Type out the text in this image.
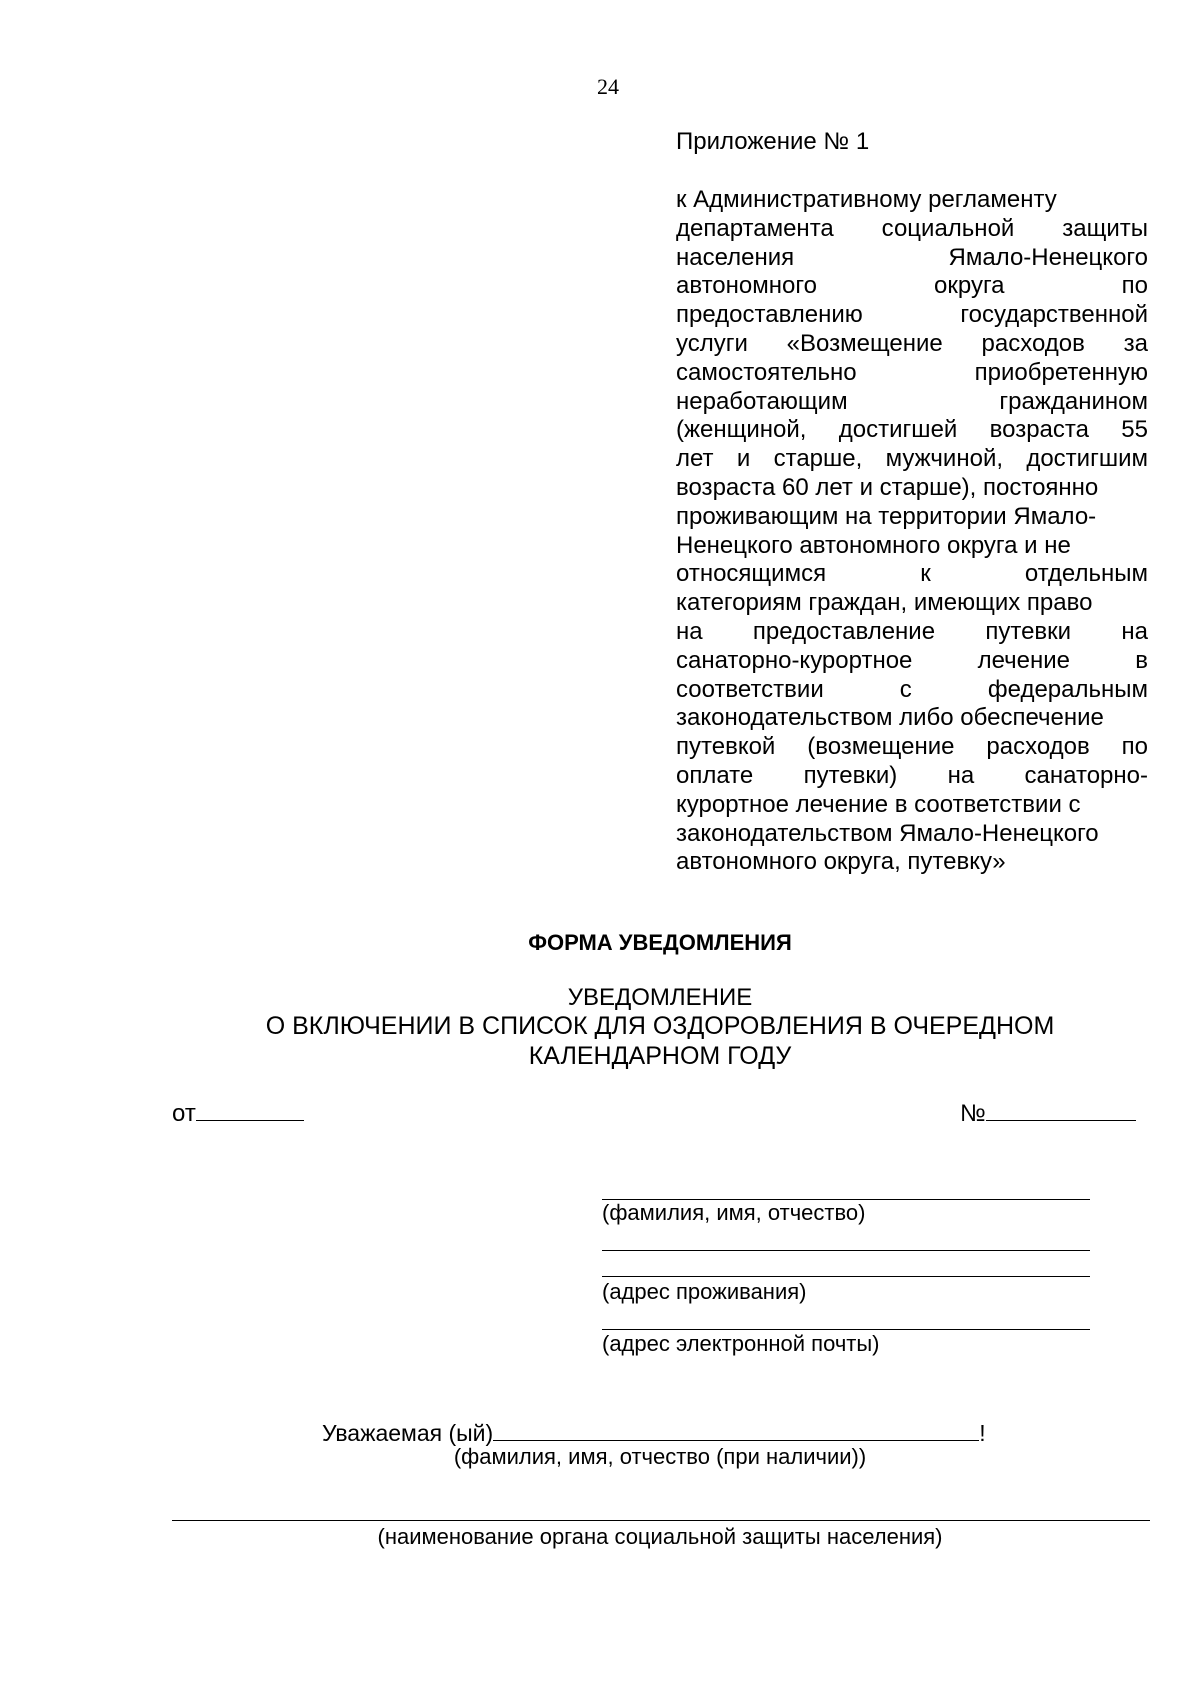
24
Приложение № 1
к Административному регламенту
департамента социальной защиты
населения Ямало-Ненецкого
автономного округа по
предоставлению государственной
услуги «Возмещение расходов за
самостоятельно приобретенную
неработающим гражданином
(женщиной, достигшей возраста 55
лет и старше, мужчиной, достигшим
возраста 60 лет и старше), постоянно
проживающим на территории Ямало-
Ненецкого автономного округа и не
относящимся к отдельным
категориям граждан, имеющих право
на предоставление путевки на
санаторно-курортное лечение в
соответствии с федеральным
законодательством либо обеспечение
путевкой (возмещение расходов по
оплате путевки) на санаторно-
курортное лечение в соответствии с
законодательством Ямало-Ненецкого
автономного округа, путевку»
ФОРМА УВЕДОМЛЕНИЯ
УВЕДОМЛЕНИЕ
О ВКЛЮЧЕНИИ В СПИСОК ДЛЯ ОЗДОРОВЛЕНИЯ В ОЧЕРЕДНОМ
КАЛЕНДАРНОМ ГОДУ
от	№
(фамилия, имя, отчество)
(адрес проживания)
(адрес электронной почты)
Уважаемая (ый)	!
(фамилия, имя, отчество (при наличии))
(наименование органа социальной защиты населения)
